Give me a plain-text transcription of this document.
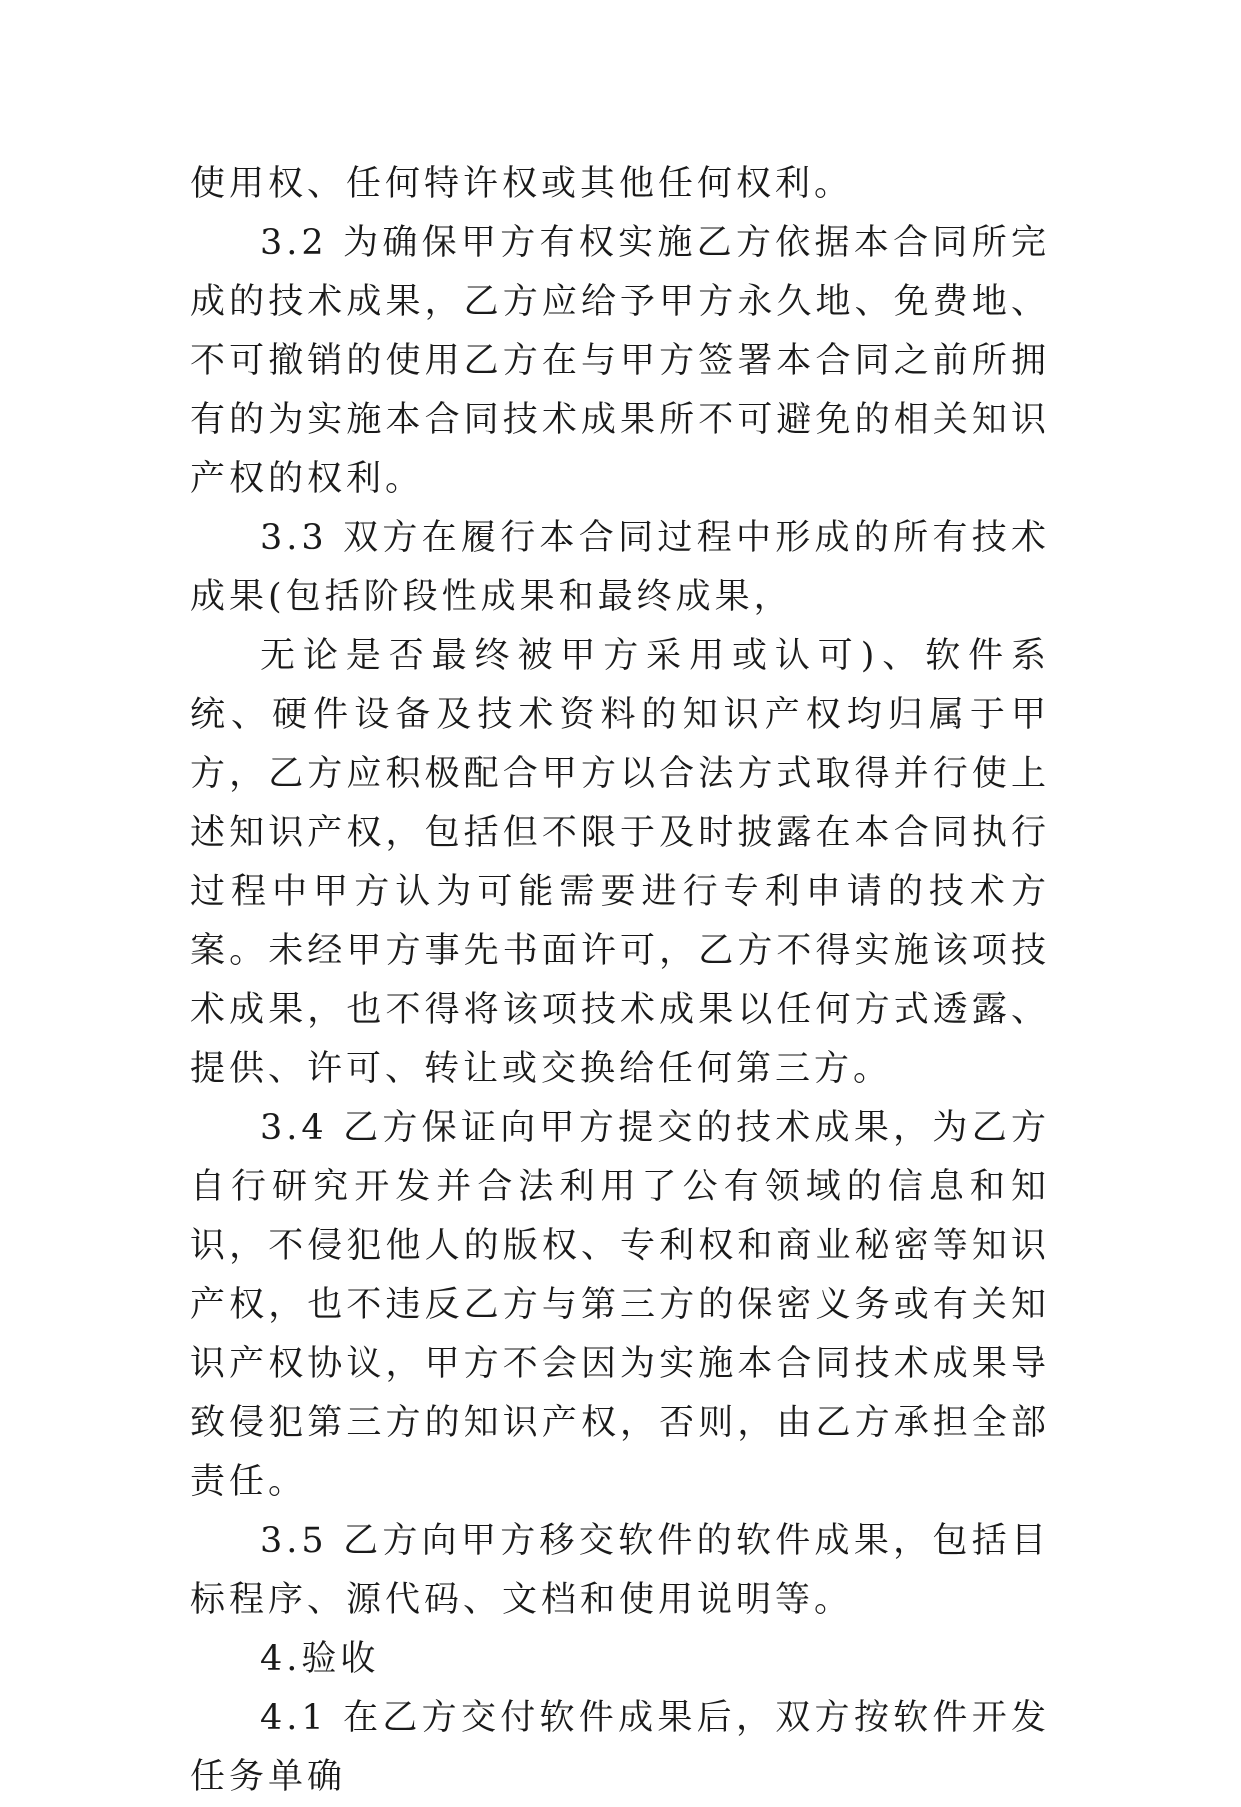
使用权、任何特许权或其他任何权利。

3.2 为确保甲方有权实施乙方依据本合同所完成的技术成果，乙方应给予甲方永久地、免费地、不可撤销的使用乙方在与甲方签署本合同之前所拥有的为实施本合同技术成果所不可避免的相关知识产权的权利。

3.3 双方在履行本合同过程中形成的所有技术成果(包括阶段性成果和最终成果，

无论是否最终被甲方采用或认可)、软件系统、硬件设备及技术资料的知识产权均归属于甲方，乙方应积极配合甲方以合法方式取得并行使上述知识产权，包括但不限于及时披露在本合同执行过程中甲方认为可能需要进行专利申请的技术方案。未经甲方事先书面许可，乙方不得实施该项技术成果，也不得将该项技术成果以任何方式透露、提供、许可、转让或交换给任何第三方。

3.4 乙方保证向甲方提交的技术成果，为乙方自行研究开发并合法利用了公有领域的信息和知识，不侵犯他人的版权、专利权和商业秘密等知识产权，也不违反乙方与第三方的保密义务或有关知识产权协议，甲方不会因为实施本合同技术成果导致侵犯第三方的知识产权，否则，由乙方承担全部责任。

3.5 乙方向甲方移交软件的软件成果，包括目标程序、源代码、文档和使用说明等。

4.验收

4.1 在乙方交付软件成果后，双方按软件开发任务单确
